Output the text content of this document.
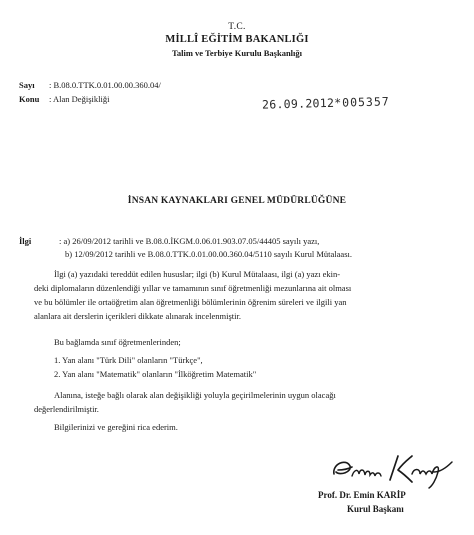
T.C.
MİLLÎ EĞİTİM BAKANLIĞI
Talim ve Terbiye Kurulu Başkanlığı
Sayı : B.08.0.TTK.0.01.00.00.360.04/
Konu : Alan Değişikliği	26.09.2012*005357
İNSAN KAYNAKLARI GENEL MÜDÜRLÜĞÜNE
İlgi	: a) 26/09/2012 tarihli ve B.08.0.İKGM.0.06.01.903.07.05/44405 sayılı yazı,
b) 12/09/2012 tarihli ve B.08.0.TTK.0.01.00.00.360.04/5110 sayılı Kurul Mütalaası.
İlgi (a) yazıdaki tereddüt edilen hususlar; ilgi (b) Kurul Mütalaası, ilgi (a) yazı ekin-
deki diplomaların düzenlendiği yıllar ve tamamının sınıf öğretmenliği mezunlarına ait olması
ve bu bölümler ile ortaöğretim alan öğretmenliği bölümlerinin öğrenim süreleri ve ilgili yan
alanlara ait derslerin içerikleri dikkate alınarak incelenmiştir.
Bu bağlamda sınıf öğretmenlerinden;
1. Yan alanı "Türk Dili" olanların "Türkçe",
2. Yan alanı "Matematik" olanların "İlköğretim Matematik"
Alanına, isteğe bağlı olarak alan değişikliği yoluyla geçirilmelerinin uygun olacağı
değerlendirilmiştir.
Bilgilerinizi ve gereğini rica ederim.
Prof. Dr. Emin KARİP
Kurul Başkanı
